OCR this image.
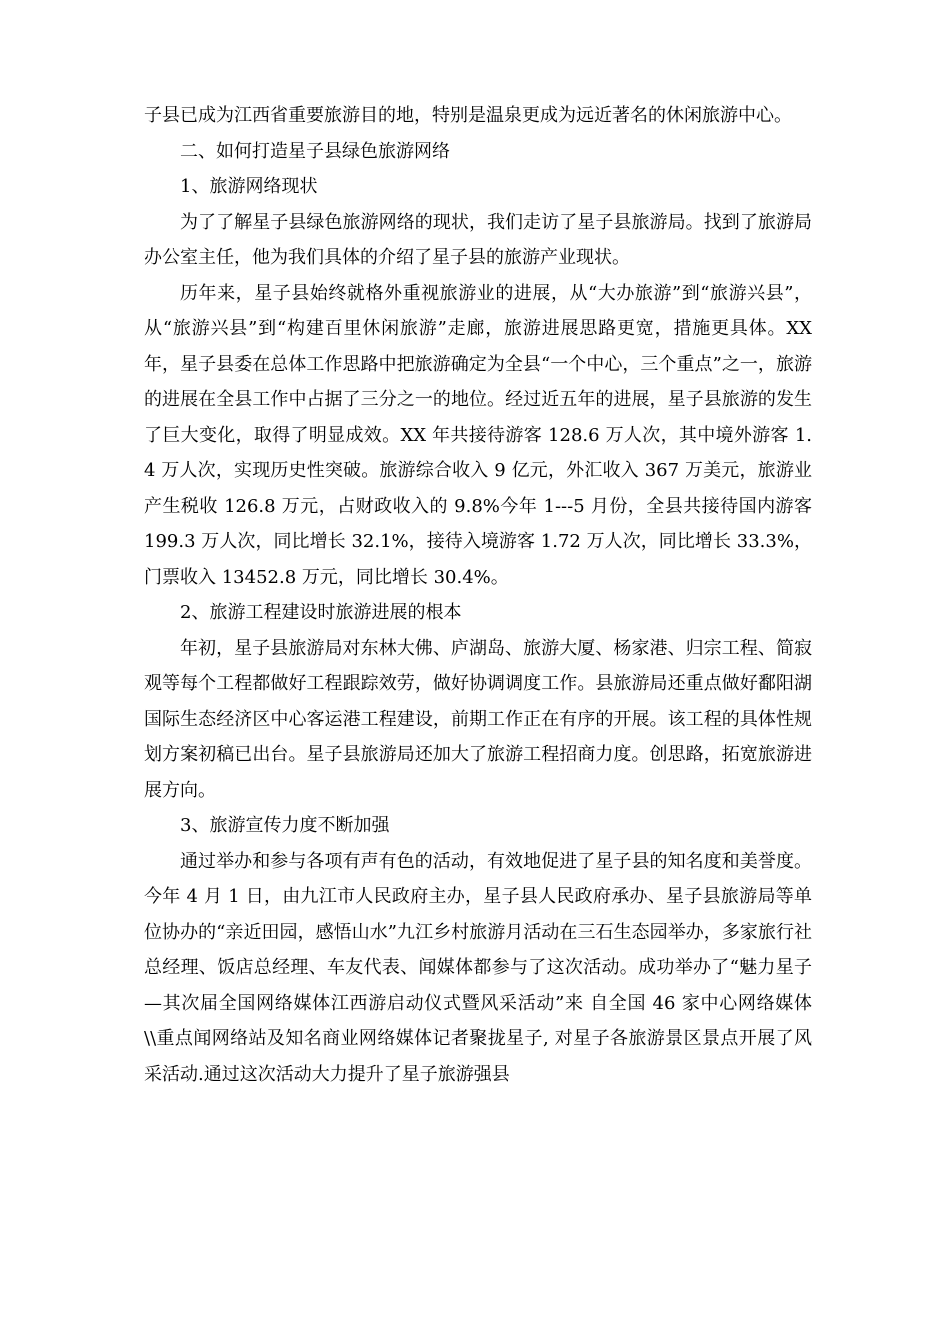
子县已成为江西省重要旅游目的地，特别是温泉更成为远近著名的休闲旅游中心。

二、如何打造星子县绿色旅游网络

1、旅游网络现状

为了了解星子县绿色旅游网络的现状，我们走访了星子县旅游局。找到了旅游局办公室主任，他为我们具体的介绍了星子县的旅游产业现状。

历年来，星子县始终就格外重视旅游业的进展，从“大办旅游”到“旅游兴县”，从“旅游兴县”到“构建百里休闲旅游”走廊，旅游进展思路更宽，措施更具体。XX 年，星子县委在总体工作思路中把旅游确定为全县“一个中心，三个重点”之一，旅游的进展在全县工作中占据了三分之一的地位。经过近五年的进展，星子县旅游的发生了巨大变化，取得了明显成效。XX 年共接待游客 128.6 万人次，其中境外游客 1.4 万人次，实现历史性突破。旅游综合收入 9 亿元，外汇收入 367 万美元，旅游业产生税收 126.8 万元，占财政收入的 9.8%今年 1---5 月份，全县共接待国内游客 199.3 万人次，同比增长 32.1%，接待入境游客 1.72 万人次，同比增长 33.3%，门票收入 13452.8 万元，同比增长 30.4%。

2、旅游工程建设时旅游进展的根本

年初，星子县旅游局对东林大佛、庐湖岛、旅游大厦、杨家港、归宗工程、简寂观等每个工程都做好工程跟踪效劳，做好协调调度工作。县旅游局还重点做好鄱阳湖国际生态经济区中心客运港工程建设，前期工作正在有序的开展。该工程的具体性规划方案初稿已出台。星子县旅游局还加大了旅游工程招商力度。创思路，拓宽旅游进展方向。

3、旅游宣传力度不断加强

通过举办和参与各项有声有色的活动，有效地促进了星子县的知名度和美誉度。今年 4 月 1 日，由九江市人民政府主办，星子县人民政府承办、星子县旅游局等单位协办的“亲近田园，感悟山水”九江乡村旅游月活动在三石生态园举办，多家旅行社总经理、饭店总经理、车友代表、闻媒体都参与了这次活动。成功举办了“魅力星子—其次届全国网络媒体江西游启动仪式暨风采活动”来 自全国 46 家中心网络媒体\\重点闻网络站及知名商业网络媒体记者聚拢星子, 对星子各旅游景区景点开展了风采活动.通过这次活动大力提升了星子旅游强县
